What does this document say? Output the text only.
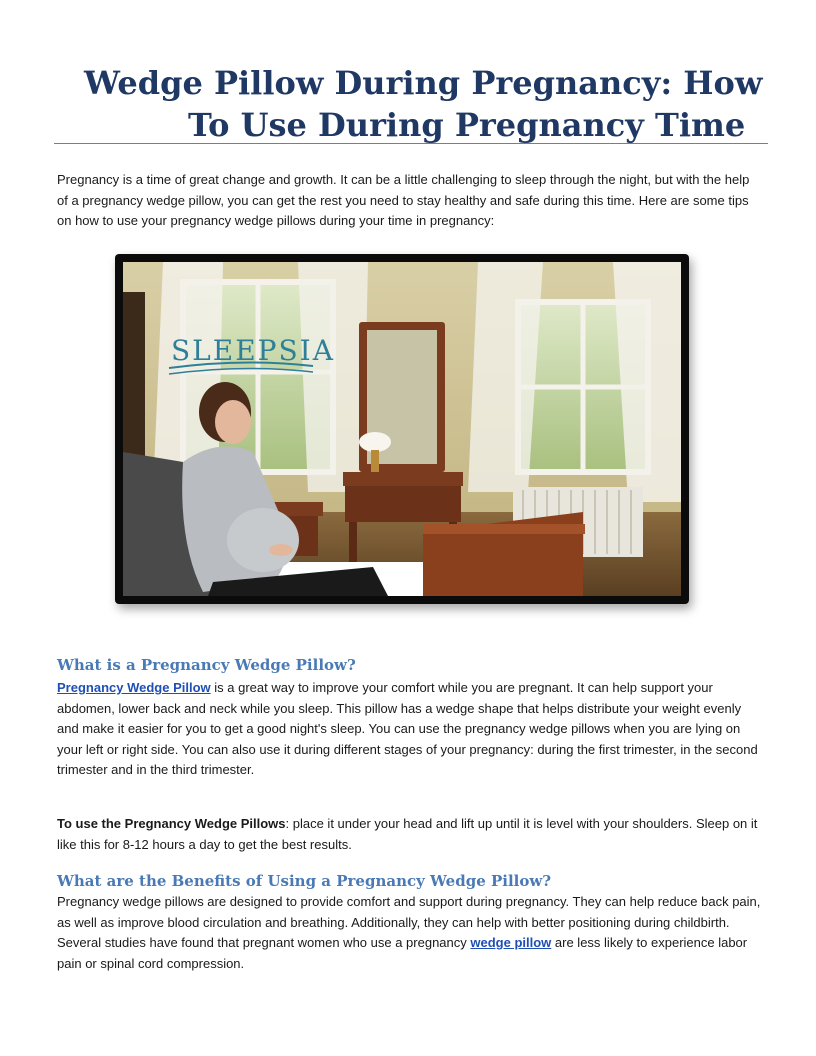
Wedge Pillow During Pregnancy: How
To Use During Pregnancy Time

Pregnancy is a time of great change and growth. It can be a little challenging to sleep through the night, but with the help of a pregnancy wedge pillow, you can get the rest you need to stay healthy and safe during this time. Here are some tips on how to use your pregnancy wedge pillows during your time in pregnancy:

SLEEPSIA
What is a Pregnancy Wedge Pillow?
Pregnancy Wedge Pillow is a great way to improve your comfort while you are pregnant. It can help support your abdomen, lower back and neck while you sleep. This pillow has a wedge shape that helps distribute your weight evenly
and make it easier for you to get a good night's sleep. You can use the pregnancy wedge pillows when you are lying on your left or right side. You can also use it during different stages of your pregnancy: during the first trimester, in the second trimester and in the third trimester.
To use the Pregnancy Wedge Pillows: place it under your head and lift up until it is level with your shoulders. Sleep on it like this for 8-12 hours a day to get the best results.
What are the Benefits of Using a Pregnancy Wedge Pillow?
Pregnancy wedge pillows are designed to provide comfort and support during pregnancy. They can help reduce back pain, as well as improve blood circulation and breathing. Additionally, they can help with better positioning during childbirth. Several studies have found that pregnant women who use a pregnancy wedge pillow are less likely to experience labor pain or spinal cord compression.
